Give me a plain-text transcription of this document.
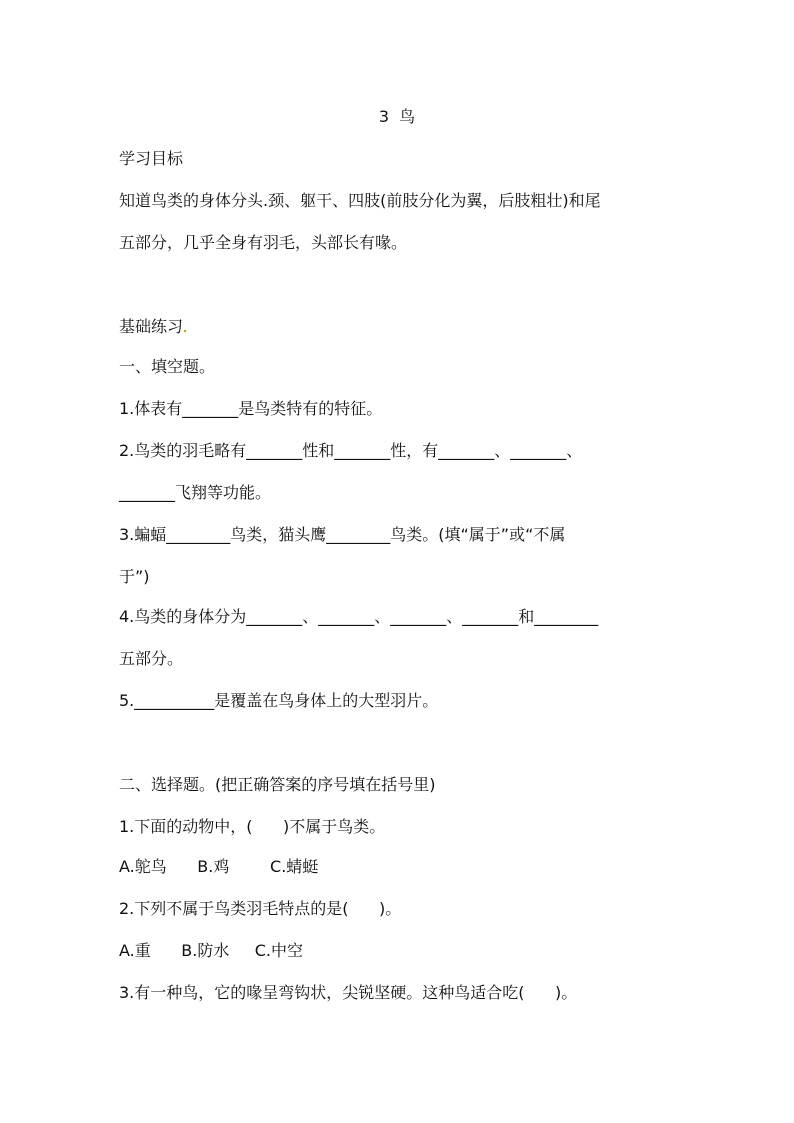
3  鸟
学习目标
知道鸟类的身体分头.颈、躯干、四肢(前肢分化为翼，后肢粗壮)和尾
五部分，几乎全身有羽毛，头部长有喙。
基础练习
一、填空题。
1.体表有_______是鸟类特有的特征。
2.鸟类的羽毛略有_______性和_______性，有_______、_______、
_______飞翔等功能。
3.蝙蝠________鸟类，猫头鹰________鸟类。(填“属于”或“不属
于”)
4.鸟类的身体分为_______、_______、_______、_______和________
五部分。
5.__________是覆盖在鸟身体上的大型羽片。
二、选择题。(把正确答案的序号填在括号里)
1.下面的动物中，(      )不属于鸟类。
A.鸵鸟      B.鸡        C.蜻蜓
2.下列不属于鸟类羽毛特点的是(      )。
A.重      B.防水     C.中空
3.有一种鸟，它的喙呈弯钩状，尖锐坚硬。这种鸟适合吃(      )。
